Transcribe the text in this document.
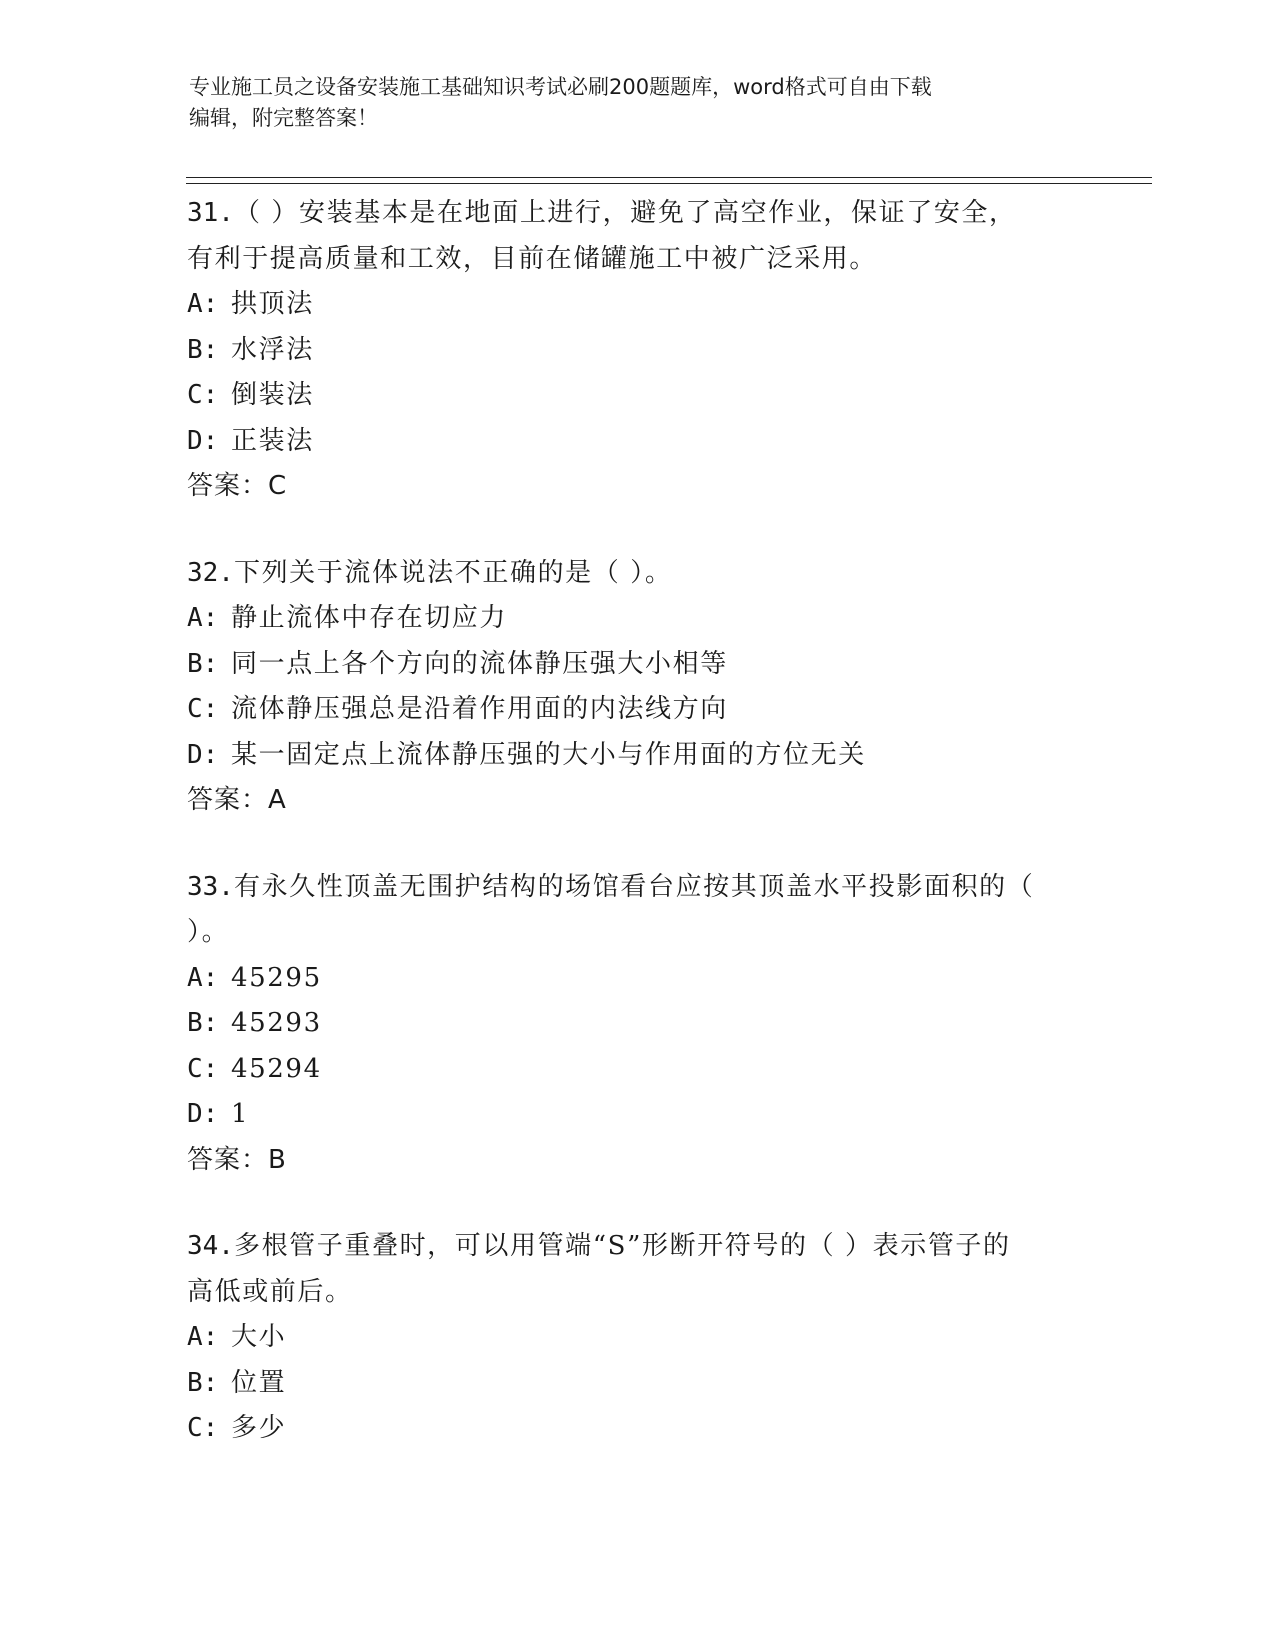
专业施工员之设备安装施工基础知识考试必刷200题题库，word格式可自由下载
编辑，附完整答案！
31.（ ）安装基本是在地面上进行，避免了高空作业，保证了安全，
有利于提高质量和工效，目前在储罐施工中被广泛采用。
A: 拱顶法
B: 水浮法
C: 倒装法
D: 正装法
答案：C
32.下列关于流体说法不正确的是（ ）。
A: 静止流体中存在切应力
B: 同一点上各个方向的流体静压强大小相等
C: 流体静压强总是沿着作用面的内法线方向
D: 某一固定点上流体静压强的大小与作用面的方位无关
答案：A
33.有永久性顶盖无围护结构的场馆看台应按其顶盖水平投影面积的（
）。
A: 45295
B: 45293
C: 45294
D: 1
答案：B
34.多根管子重叠时，可以用管端“S”形断开符号的（ ）表示管子的
高低或前后。
A: 大小
B: 位置
C: 多少
